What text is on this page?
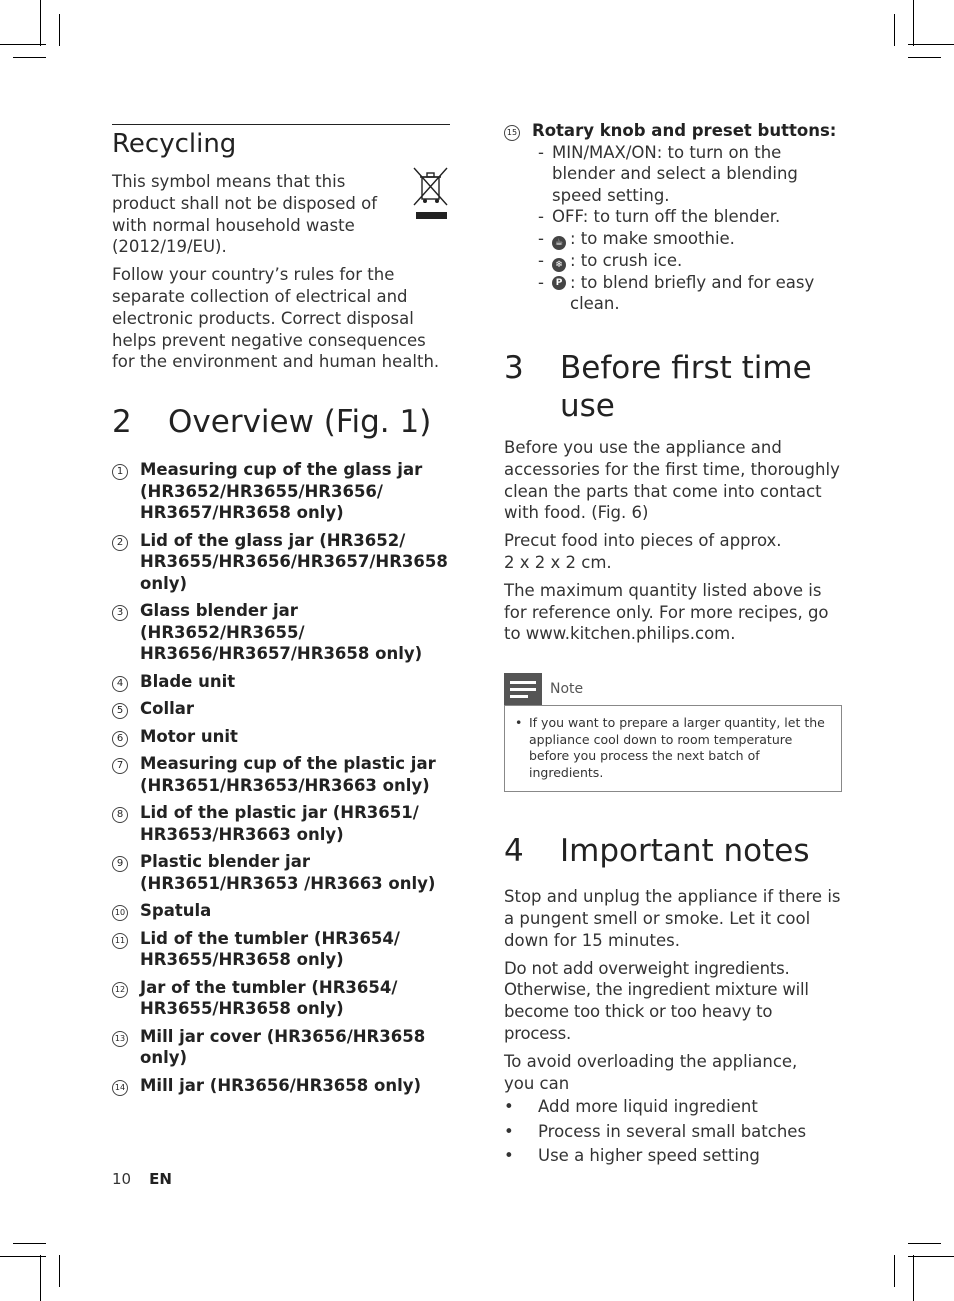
Recycling

This symbol means that this product shall not be disposed of with normal household waste (2012/19/EU).

Follow your country’s rules for the separate collection of electrical and electronic products. Correct disposal helps prevent negative consequences for the environment and human health.

2	Overview (Fig. 1)
1	Measuring cup of the glass jar (HR3652/HR3655/HR3656/ HR3657/HR3658 only)
2	Lid of the glass jar (HR3652/ HR3655/HR3656/HR3657/HR3658 only)
3	Glass blender jar (HR3652/HR3655/ HR3656/HR3657/HR3658 only)
4	Blade unit
5	Collar
6	Motor unit
7	Measuring cup of the plastic jar (HR3651/HR3653/HR3663 only)
8	Lid of the plastic jar (HR3651/ HR3653/HR3663 only)
9	Plastic blender jar (HR3651/HR3653 /HR3663 only)
10 Spatula
11 Lid of the tumbler (HR3654/ HR3655/HR3658 only)
12 Jar of the tumbler (HR3654/ HR3655/HR3658 only)
13 Mill jar cover (HR3656/HR3658 only)
14 Mill jar (HR3656/HR3658 only)
15 Rotary knob and preset buttons:
- MIN/MAX/ON: to turn on the blender and select a blending speed setting.
- OFF: to turn off the blender.
-	☕ : to make smoothie.
-	❄ : to crush ice.
-	P : to blend briefly and for easy clean.
3	Before first time use

Before you use the appliance and accessories for the first time, thoroughly clean the parts that come into contact with food. (Fig. 6)

Precut food into pieces of approx.

2 x 2 x 2 cm.

The maximum quantity listed above is for reference only. For more recipes, go to www.kitchen.philips.com.

Note
• If you want to prepare a larger quantity, let the appliance cool down to room temperature before you process the next batch of ingredients.
4	Important notes

Stop and unplug the appliance if there is a pungent smell or smoke. Let it cool down for 15 minutes.

Do not add overweight ingredients. Otherwise, the ingredient mixture will become too thick or too heavy to process.

To avoid overloading the appliance, you can

•	Add more liquid ingredient
•	Process in several small batches
•	Use a higher speed setting
10 EN
